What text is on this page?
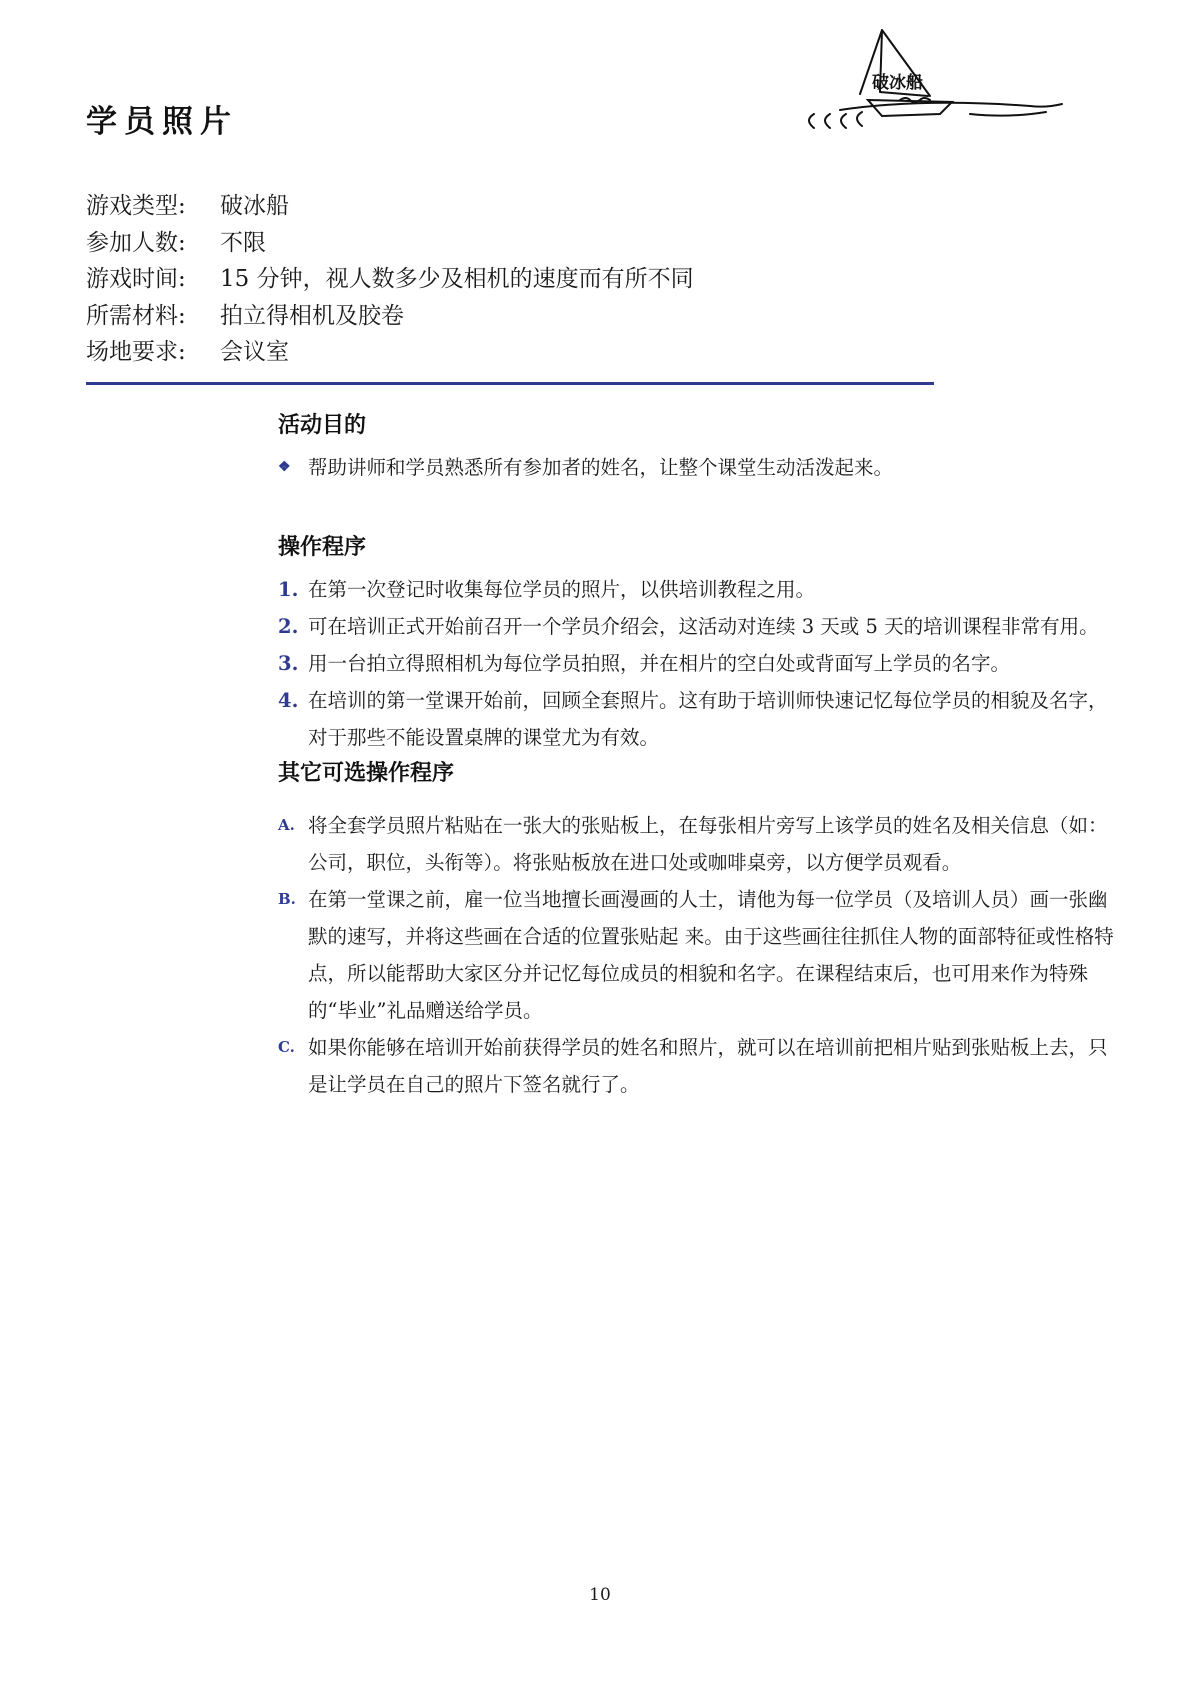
学员照片
破冰船
游戏类型:	破冰船
参加人数:	不限
游戏时间:	15 分钟，视人数多少及相机的速度而有所不同
所需材料:	拍立得相机及胶卷
场地要求:	会议室
活动目的
❖ 帮助讲师和学员熟悉所有参加者的姓名，让整个课堂生动活泼起来。
操作程序
1. 在第一次登记时收集每位学员的照片，以供培训教程之用。
2. 可在培训正式开始前召开一个学员介绍会，这活动对连续 3 天或 5 天的培训课程非常有用。
3. 用一台拍立得照相机为每位学员拍照，并在相片的空白处或背面写上学员的名字。
4. 在培训的第一堂课开始前，回顾全套照片。这有助于培训师快速记忆每位学员的相貌及名字，对于那些不能设置桌牌的课堂尤为有效。
其它可选操作程序
A. 将全套学员照片粘贴在一张大的张贴板上，在每张相片旁写上该学员的姓名及相关信息（如：公司，职位，头衔等）。将张贴板放在进口处或咖啡桌旁，以方便学员观看。
B. 在第一堂课之前，雇一位当地擅长画漫画的人士，请他为每一位学员（及培训人员）画一张幽默的速写，并将这些画在合适的位置张贴起 来。由于这些画往往抓住人物的面部特征或性格特点，所以能帮助大家区分并记忆每位成员的相貌和名字。在课程结束后，也可用来作为特殊的“毕业”礼品赠送给学员。
C. 如果你能够在培训开始前获得学员的姓名和照片，就可以在培训前把相片贴到张贴板上去，只是让学员在自己的照片下签名就行了。
10
